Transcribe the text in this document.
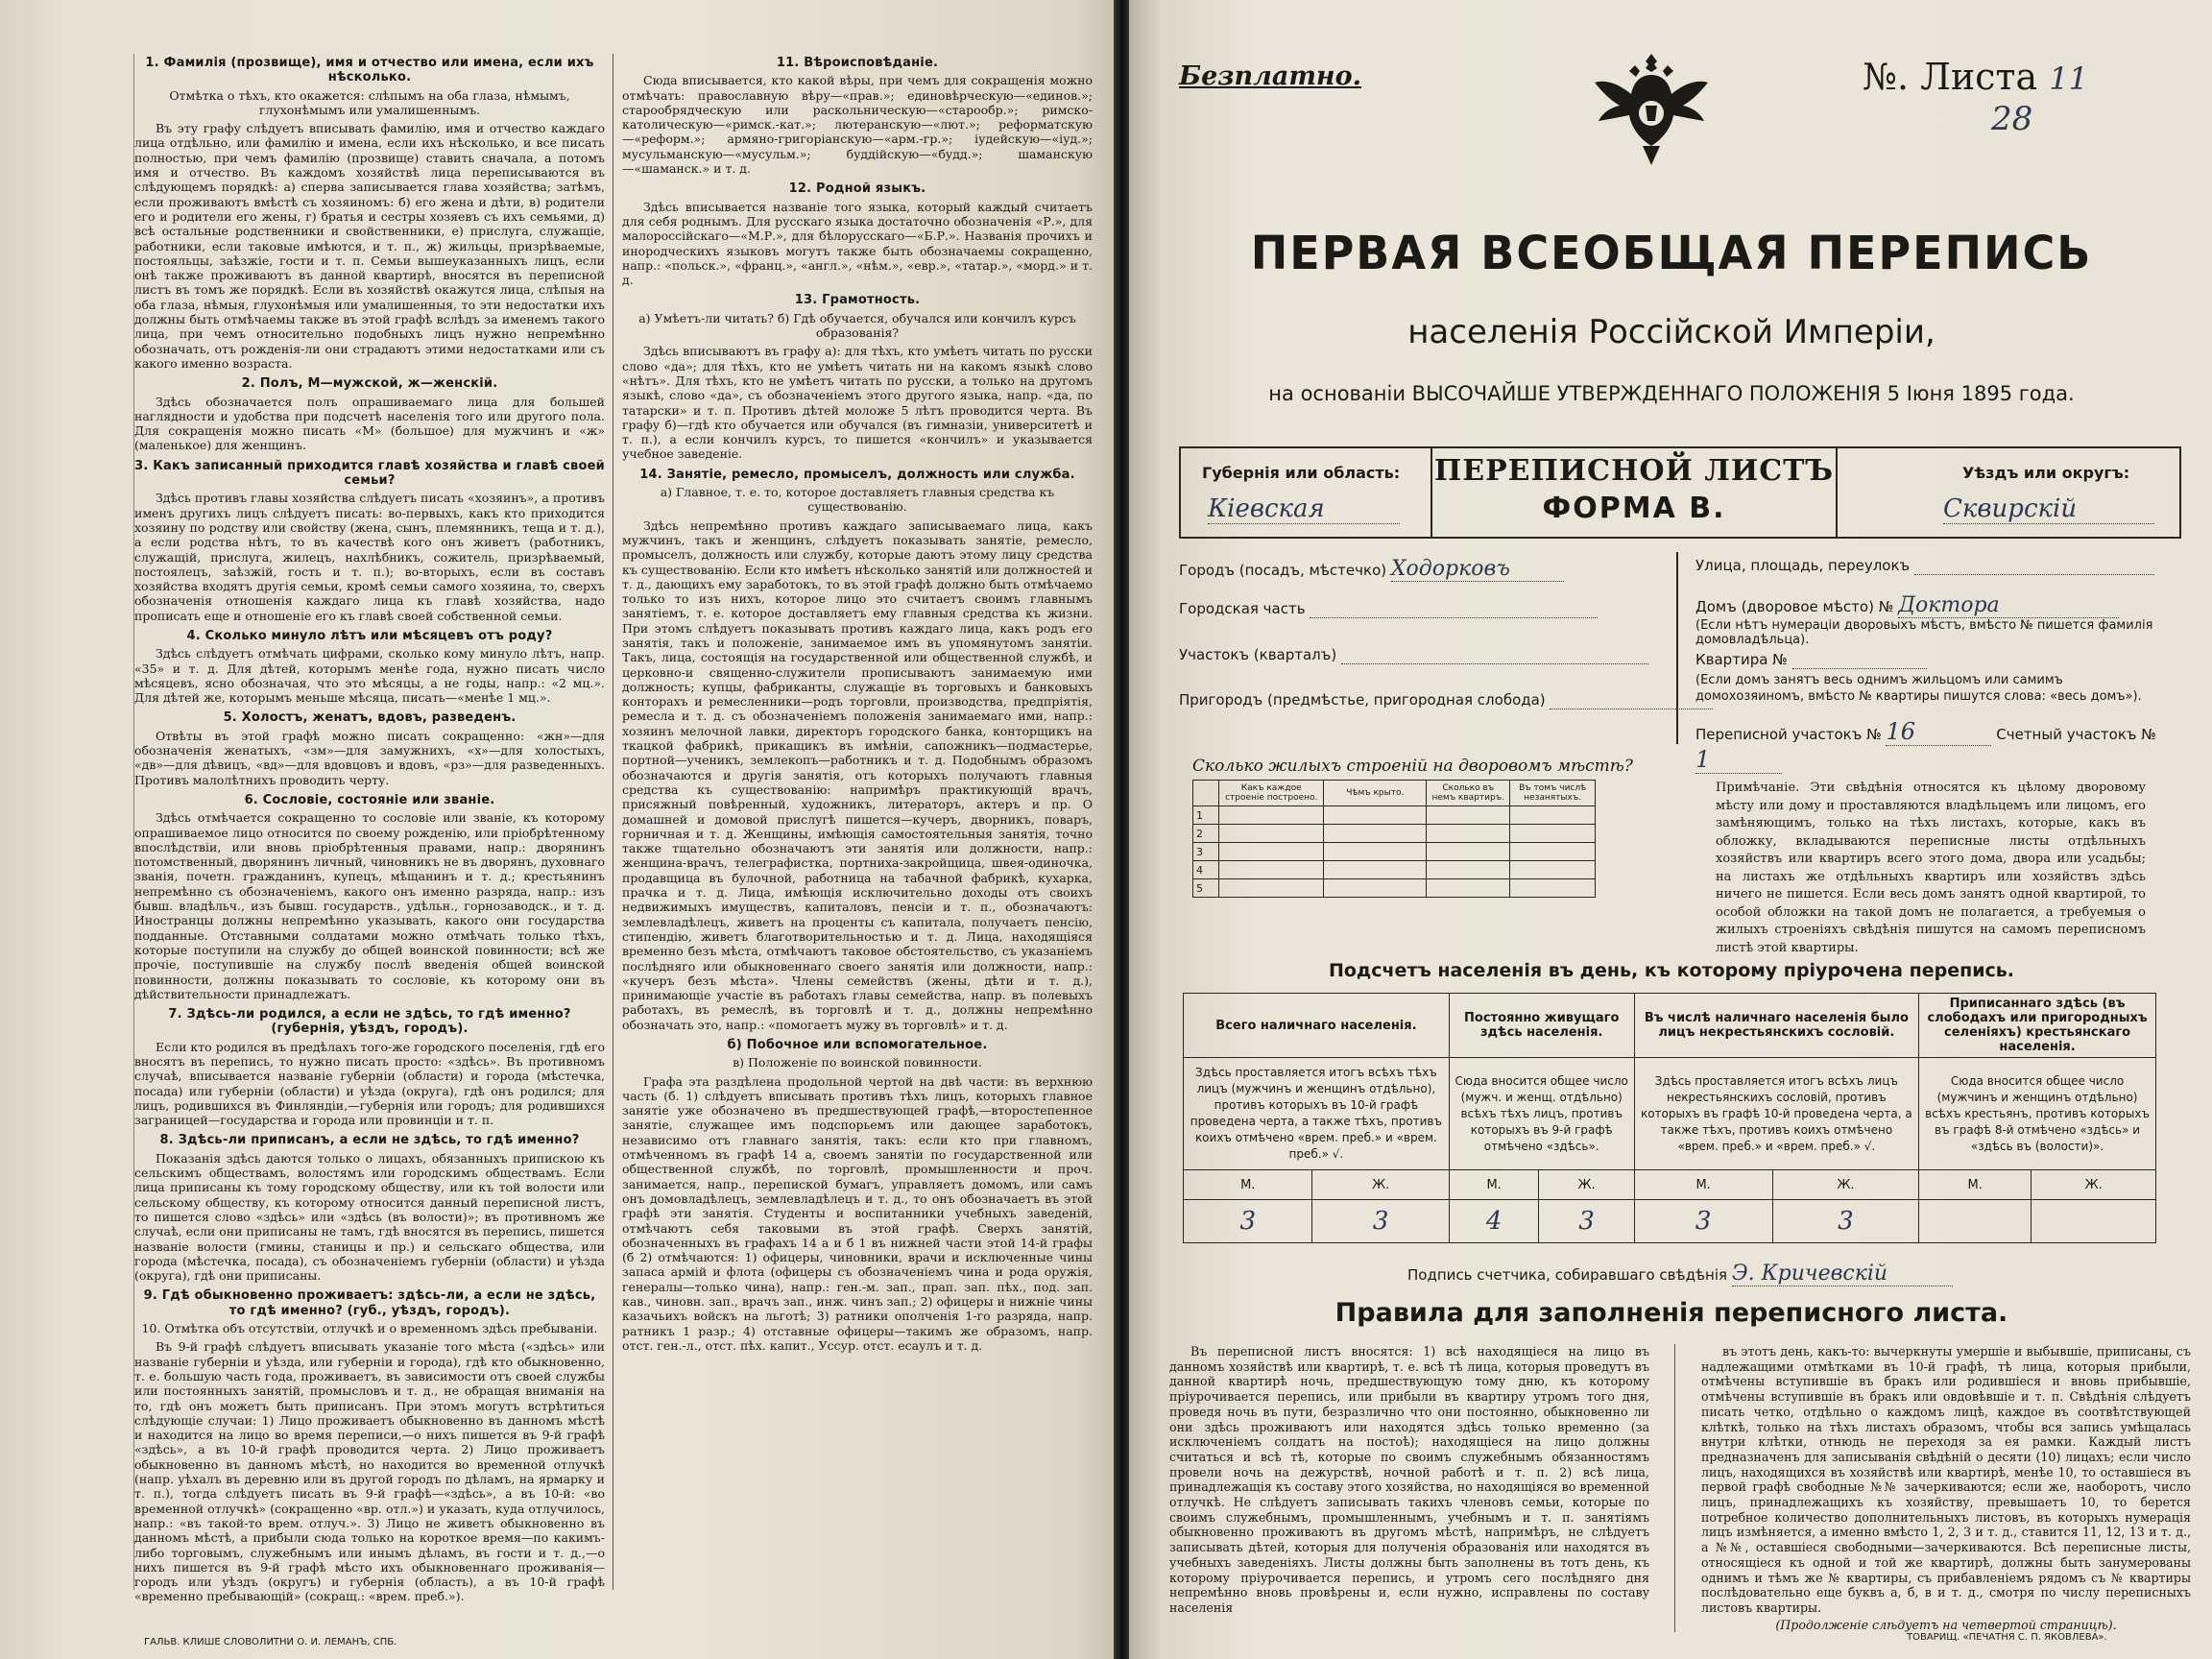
1. Фамилія (прозвище), имя и отчество или имена, если ихъ нѣсколько.
Отмѣтка о тѣхъ, кто окажется: слѣпымъ на оба глаза, нѣмымъ, глухонѣмымъ или умалишеннымъ.

Въ эту графу слѣдуетъ вписывать фамилію, имя и отчество каждаго лица отдѣльно, или фамилію и имена, если ихъ нѣсколько, и все писать полностью, при чемъ фамилію (прозвище) ставить сначала, а потомъ имя и отчество. Въ каждомъ хозяйствѣ лица переписываются въ слѣдующемъ порядкѣ: а) сперва записывается глава хозяйства; затѣмъ, если проживаютъ вмѣстѣ съ хозяиномъ: б) его жена и дѣти, в) родители его и родители его жены, г) братья и сестры хозяевъ съ ихъ семьями, д) всѣ остальные родственники и свойственники, е) прислуга, служащіе, работники, если таковые имѣются, и т. п., ж) жильцы, призрѣваемые, постояльцы, заѣзжіе, гости и т. п. Семьи вышеуказанныхъ лицъ, если онѣ также проживаютъ въ данной квартирѣ, вносятся въ переписной листъ въ томъ же порядкѣ. Если въ хозяйствѣ окажутся лица, слѣпыя на оба глаза, нѣмыя, глухонѣмыя или умалишенныя, то эти недостатки ихъ должны быть отмѣчаемы также въ этой графѣ вслѣдъ за именемъ такого лица, при чемъ относительно подобныхъ лицъ нужно непремѣнно обозначать, отъ рожденія-ли они страдаютъ этими недостатками или съ какого именно возраста.

2. Полъ, М—мужской, ж—женскій.

Здѣсь обозначается полъ опрашиваемаго лица для большей наглядности и удобства при подсчетѣ населенія того или другого пола. Для сокращенія можно писать «М» (большое) для мужчинъ и «ж» (маленькое) для женщинъ.

3. Какъ записанный приходится главѣ хозяйства и главѣ своей семьи?

Здѣсь противъ главы хозяйства слѣдуетъ писать «хозяинъ», а противъ именъ другихъ лицъ слѣдуетъ писать: во-первыхъ, какъ кто приходится хозяину по родству или свойству (жена, сынъ, племянникъ, теща и т. д.), а если родства нѣтъ, то въ качествѣ кого онъ живетъ (работникъ, служащій, прислуга, жилецъ, нахлѣбникъ, сожитель, призрѣваемый, постоялецъ, заѣзжій, гость и т. п.); во-вторыхъ, если въ составъ хозяйства входятъ другія семьи, кромѣ семьи самого хозяина, то, сверхъ обозначенія отношенія каждаго лица къ главѣ хозяйства, надо прописать еще и отношеніе его къ главѣ своей собственной семьи.

4. Сколько минуло лѣтъ или мѣсяцевъ отъ роду?

Здѣсь слѣдуетъ отмѣчать цифрами, сколько кому минуло лѣтъ, напр. «35» и т. д. Для дѣтей, которымъ менѣе года, нужно писать число мѣсяцевъ, ясно обозначая, что это мѣсяцы, а не годы, напр.: «2 мц.». Для дѣтей же, которымъ меньше мѣсяца, писать—«менѣе 1 мц.».

5. Холостъ, женатъ, вдовъ, разведенъ.

Отвѣты въ этой графѣ можно писать сокращенно: «жн»—для обозначенія женатыхъ, «зм»—для замужнихъ, «х»—для холостыхъ, «дв»—для дѣвицъ, «вд»—для вдовцовъ и вдовъ, «рз»—для разведенныхъ. Противъ малолѣтнихъ проводить черту.

6. Сословіе, состояніе или званіе.

Здѣсь отмѣчается сокращенно то сословіе или званіе, къ которому опрашиваемое лицо относится по своему рожденію, или пріобрѣтенному впослѣдствіи, или вновь пріобрѣтенныя правами, напр.: дворянинъ потомственный, дворянинъ личный, чиновникъ не въ дворянъ, духовнаго званія, почетн. гражданинъ, купецъ, мѣщанинъ и т. д.; крестьянинъ непремѣнно съ обозначеніемъ, какого онъ именно разряда, напр.: изъ бывш. владѣльч., изъ бывш. государств., удѣльн., горнозаводск., и т. д. Иностранцы должны непремѣнно указывать, какого они государства подданные. Отставными солдатами можно отмѣчать только тѣхъ, которые поступили на службу до общей воинской повинности; всѣ же прочіе, поступившіе на службу послѣ введенія общей воинской повинности, должны показывать то сословіе, къ которому они въ дѣйствительности принадлежатъ.

7. Здѣсь-ли родился, а если не здѣсь, то гдѣ именно? (губернія, уѣздъ, городъ).

Если кто родился въ предѣлахъ того-же городского поселенія, гдѣ его вносятъ въ перепись, то нужно писать просто: «здѣсь». Въ противномъ случаѣ, вписывается названіе губерніи (области) и города (мѣстечка, посада) или губерніи (области) и уѣзда (округа), гдѣ онъ родился; для лицъ, родившихся въ Финляндіи,—губернія или городъ; для родившихся заграницей—государства и города или провинціи и т. п.

8. Здѣсь-ли приписанъ, а если не здѣсь, то гдѣ именно?

Показанія здѣсь даются только о лицахъ, обязанныхъ припискою къ сельскимъ обществамъ, волостямъ или городскимъ обществамъ. Если лица приписаны къ тому городскому обществу, или къ той волости или сельскому обществу, къ которому относится данный переписной листъ, то пишется слово «здѣсь» или «здѣсь (въ волости)»; въ противномъ же случаѣ, если они приписаны не тамъ, гдѣ вносятся въ перепись, пишется названіе волости (гмины, станицы и пр.) и сельскаго общества, или города (мѣстечка, посада), съ обозначеніемъ губерніи (области) и уѣзда (округа), гдѣ они приписаны.

9. Гдѣ обыкновенно проживаетъ: здѣсь-ли, а если не здѣсь, то гдѣ именно? (губ., уѣздъ, городъ).
10. Отмѣтка объ отсутствіи, отлучкѣ и о временномъ здѣсь пребываніи.

Въ 9-й графѣ слѣдуетъ вписывать указаніе того мѣста («здѣсь» или названіе губерніи и уѣзда, или губерніи и города), гдѣ кто обыкновенно, т. е. большую часть года, проживаетъ, въ зависимости отъ своей службы или постоянныхъ занятій, промысловъ и т. д., не обращая вниманія на то, гдѣ онъ можетъ быть приписанъ. При этомъ могутъ встрѣтиться слѣдующіе случаи: 1) Лицо проживаетъ обыкновенно въ данномъ мѣстѣ и находится на лицо во время переписи,—о нихъ пишется въ 9-й графѣ «здѣсь», а въ 10-й графѣ проводится черта. 2) Лицо проживаетъ обыкновенно въ данномъ мѣстѣ, но находится во временной отлучкѣ (напр. уѣхалъ въ деревню или въ другой городъ по дѣламъ, на ярмарку и т. п.), тогда слѣдуетъ писать въ 9-й графѣ—«здѣсь», а въ 10-й: «во временной отлучкѣ» (сокращенно «вр. отл.») и указать, куда отлучилось, напр.: «въ такой-то врем. отлуч.». 3) Лицо не живетъ обыкновенно въ данномъ мѣстѣ, а прибыли сюда только на короткое время—по какимъ-либо торговымъ, служебнымъ или инымъ дѣламъ, въ гости и т. д.,—о нихъ пишется въ 9-й графѣ мѣсто ихъ обыкновеннаго проживанія—городъ или уѣздъ (округъ) и губернія (область), а въ 10-й графѣ «временно пребывающій» (сокращ.: «врем. преб.»).

11. Вѣроисповѣданіе.

Сюда вписывается, кто какой вѣры, при чемъ для сокращенія можно отмѣчать: православную вѣру—«прав.»; единовѣрческую—«единов.»; старообрядческую или раскольническую—«старообр.»; римско-католическую—«римск.-кат.»; лютеранскую—«лют.»; реформатскую—«реформ.»; армяно-григоріанскую—«арм.-гр.»; іудейскую—«іуд.»; мусульманскую—«мусульм.»; буддійскую—«будд.»; шаманскую—«шаманск.» и т. д.

12. Родной языкъ.

Здѣсь вписывается названіе того языка, который каждый считаетъ для себя роднымъ. Для русскаго языка достаточно обозначенія «Р.», для малороссійскаго—«М.Р.», для бѣлорусскаго—«Б.Р.». Названія прочихъ и инородческихъ языковъ могутъ также быть обозначаемы сокращенно, напр.: «польск.», «франц.», «англ.», «нѣм.», «евр.», «татар.», «морд.» и т. д.

13. Грамотность.
а) Умѣетъ-ли читать? б) Гдѣ обучается, обучался или кончилъ курсъ образованія?

Здѣсь вписываютъ въ графу а): для тѣхъ, кто умѣетъ читать по русски слово «да»; для тѣхъ, кто не умѣетъ читать ни на какомъ языкѣ слово «нѣтъ». Для тѣхъ, кто не умѣетъ читать по русски, а только на другомъ языкѣ, слово «да», съ обозначеніемъ этого другого языка, напр. «да, по татарски» и т. п. Противъ дѣтей моложе 5 лѣтъ проводится черта. Въ графу б)—гдѣ кто обучается или обучался (въ гимназіи, университетѣ и т. п.), а если кончилъ курсъ, то пишется «кончилъ» и указывается учебное заведеніе.

14. Занятіе, ремесло, промыселъ, должность или служба.
а) Главное, т. е. то, которое доставляетъ главныя средства къ существованію.

Здѣсь непремѣнно противъ каждаго записываемаго лица, какъ мужчинъ, такъ и женщинъ, слѣдуетъ показывать занятіе, ремесло, промыселъ, должность или службу, которые даютъ этому лицу средства къ существованію. Если кто имѣетъ нѣсколько занятій или должностей и т. д., дающихъ ему заработокъ, то въ этой графѣ должно быть отмѣчаемо только то изъ нихъ, которое лицо это считаетъ своимъ главнымъ занятіемъ, т. е. которое доставляетъ ему главныя средства къ жизни. При этомъ слѣдуетъ показывать противъ каждаго лица, какъ родъ его занятія, такъ и положеніе, занимаемое имъ въ упомянутомъ занятіи. Такъ, лица, состоящія на государственной или общественной службѣ, и церковно-и священно-служители прописываютъ занимаемую ими должность; купцы, фабриканты, служащіе въ торговыхъ и банковыхъ конторахъ и ремесленники—родъ торговли, производства, предпріятія, ремесла и т. д. съ обозначеніемъ положенія занимаемаго ими, напр.: хозяинъ мелочной лавки, директоръ городского банка, конторщикъ на ткацкой фабрикѣ, прикащикъ въ имѣніи, сапожникъ—подмастерье, портной—ученикъ, землекопъ—работникъ и т. д. Подобнымъ образомъ обозначаются и другія занятія, отъ которыхъ получаютъ главныя средства къ существованію: напримѣръ практикующій врачъ, присяжный повѣренный, художникъ, литераторъ, актеръ и пр. О домашней и домовой прислугѣ пишется—кучеръ, дворникъ, поваръ, горничная и т. д. Женщины, имѣющія самостоятельныя занятія, точно также тщательно обозначаютъ эти занятія или должности, напр.: женщина-врачъ, телеграфистка, портниха-закройщица, швея-одиночка, продавщица въ булочной, работница на табачной фабрикѣ, кухарка, прачка и т. д. Лица, имѣющія исключительно доходы отъ своихъ недвижимыхъ имуществъ, капиталовъ, пенсіи и т. п., обозначаютъ: землевладѣлецъ, живетъ на проценты съ капитала, получаетъ пенсію, стипендію, живетъ благотворительностью и т. д. Лица, находящіяся временно безъ мѣста, отмѣчаютъ таковое обстоятельство, съ указаніемъ послѣдняго или обыкновеннаго своего занятія или должности, напр.: «кучеръ безъ мѣста». Члены семействъ (жены, дѣти и т. д.), принимающіе участіе въ работахъ главы семейства, напр. въ полевыхъ работахъ, въ ремеслѣ, въ торговлѣ и т. д., должны непремѣнно обозначать это, напр.: «помогаетъ мужу въ торговлѣ» и т. д.

б) Побочное или вспомогательное.
в) Положеніе по воинской повинности.

Графа эта раздѣлена продольной чертой на двѣ части: въ верхнюю часть (б. 1) слѣдуетъ вписывать противъ тѣхъ лицъ, которыхъ главное занятіе уже обозначено въ предшествующей графѣ,—второстепенное занятіе, служащее имъ подспорьемъ или дающее заработокъ, независимо отъ главнаго занятія, такъ: если кто при главномъ, отмѣченномъ въ графѣ 14 а, своемъ занятіи по государственной или общественной службѣ, по торговлѣ, промышленности и проч. занимается, напр., перепиской бумагъ, управляетъ домомъ, или самъ онъ домовладѣлецъ, землевладѣлецъ и т. д., то онъ обозначаетъ въ этой графѣ эти занятія. Студенты и воспитанники учебныхъ заведеній, отмѣчаютъ себя таковыми въ этой графѣ. Сверхъ занятій, обозначенныхъ въ графахъ 14 а и б 1 въ нижней части этой 14-й графы (б 2) отмѣчаются: 1) офицеры, чиновники, врачи и исключенные чины запаса армій и флота (офицеры съ обозначеніемъ чина и рода оружія, генералы—только чина), напр.: ген.-м. зап., прап. зап. пѣх., под. зап. кав., чиновн. зап., врачъ зап., инж. чинъ зап.; 2) офицеры и нижніе чины казачьихъ войскъ на льготѣ; 3) ратники ополченія 1-го разряда, напр. ратникъ 1 разр.; 4) отставные офицеры—такимъ же образомъ, напр. отст. ген.-л., отст. пѣх. капит., Уссур. отст. есаулъ и т. д.

ГАЛЬВ. КЛИШЕ СЛОВОЛИТНИ О. И. ЛЕМАНЪ, СПБ.
Безплатно.	№. Листа 11
28
ПЕРВАЯ ВСЕОБЩАЯ ПЕРЕПИСЬ
населенія Россійской Имперіи,
на основаніи ВЫСОЧАЙШЕ УТВЕРЖДЕННАГО ПОЛОЖЕНІЯ 5 Іюня 1895 года.
Губернія или область:
Кіевская
ПЕРЕПИСНОЙ ЛИСТЪ
ФОРМА В.
Уѣздъ или округъ:
Сквирскій
Городъ (посадъ, мѣстечко) Ходорковъ
Городская часть
Участокъ (кварталъ)
Пригородъ (предмѣстье, пригородная слобода)
Улица, площадь, переулокъ
Домъ (дворовое мѣсто) № Доктора
(Если нѣтъ нумераціи дворовыхъ мѣстъ, вмѣсто № пишется фамилія домовладѣльца).
Квартира №
(Если домъ занятъ весь однимъ жильцомъ или самимъ домохозяиномъ, вмѣсто № квартиры пишутся слова: «весь домъ»).
Переписной участокъ № 16	Счетный участокъ № 1
Сколько жилыхъ строеній на дворовомъ мѣстѣ?
	Какъ каждое строеніе построено.	Чѣмъ крыто.	Сколько въ немъ квартиръ.	Въ томъ числѣ незанятыхъ.
1				
2				
3				
4				
5				
Примѣчаніе. Эти свѣдѣнія относятся къ цѣлому дворовому мѣсту или дому и проставляются владѣльцемъ или лицомъ, его замѣняющимъ, только на тѣхъ листахъ, которые, какъ въ обложку, вкладываются переписные листы отдѣльныхъ хозяйствъ или квартиръ всего этого дома, двора или усадьбы; на листахъ же отдѣльныхъ квартиръ или хозяйствъ здѣсь ничего не пишется. Если весь домъ занятъ одной квартирой, то особой обложки на такой домъ не полагается, а требуемыя о жилыхъ строеніяхъ свѣдѣнія пишутся на самомъ переписномъ листѣ этой квартиры.
Подсчетъ населенія въ день, къ которому пріурочена перепись.
Всего наличнаго населенія.		Постоянно живущаго здѣсь населенія.		Въ числѣ наличнаго населенія было лицъ некрестьянскихъ сословій.		Приписаннаго здѣсь (въ слободахъ или пригородныхъ селеніяхъ) крестьянскаго населенія.	
Здѣсь проставляется итогъ всѣхъ тѣхъ лицъ (мужчинъ и женщинъ отдѣльно), противъ которыхъ въ 10-й графѣ проведена черта, а также тѣхъ, противъ коихъ отмѣчено «врем. преб.» и «врем. преб.» √.		Сюда вносится общее число (мужч. и женщ. отдѣльно) всѣхъ тѣхъ лицъ, противъ которыхъ въ 9-й графѣ отмѣчено «здѣсь».		Здѣсь проставляется итогъ всѣхъ лицъ некрестьянскихъ сословій, противъ которыхъ въ графѣ 10-й проведена черта, а также тѣхъ, противъ коихъ отмѣчено «врем. преб.» и «врем. преб.» √.		Сюда вносится общее число (мужчинъ и женщинъ отдѣльно) всѣхъ крестьянъ, противъ которыхъ въ графѣ 8-й отмѣчено «здѣсь» и «здѣсь въ (волости)».	
М.	Ж.	М.	Ж.	М.	Ж.	М.	Ж.
3	3	4	3	3	3		
Подпись счетчика, собиравшаго свѣдѣнія Э. Кричевскій
Правила для заполненія переписного листа.

Въ переписной листъ вносятся: 1) всѣ находящіеся на лицо въ данномъ хозяйствѣ или квартирѣ, т. е. всѣ тѣ лица, которыя проведутъ въ данной квартирѣ ночь, предшествующую тому дню, къ которому пріурочивается перепись, или прибыли въ квартиру утромъ того дня, проведя ночь въ пути, безразлично что они постоянно, обыкновенно ли они здѣсь проживаютъ или находятся здѣсь только временно (за исключеніемъ солдатъ на постоѣ); находящіеся на лицо должны считаться и всѣ тѣ, которые по своимъ служебнымъ обязанностямъ провели ночь на дежурствѣ, ночной работѣ и т. п. 2) всѣ лица, принадлежащія къ составу этого хозяйства, но находящіяся во временной отлучкѣ. Не слѣдуетъ записывать такихъ членовъ семьи, которые по своимъ служебнымъ, промышленнымъ, учебнымъ и т. п. занятіямъ обыкновенно проживаютъ въ другомъ мѣстѣ, напримѣръ, не слѣдуетъ записывать дѣтей, которыя для полученія образованія или находятся въ учебныхъ заведеніяхъ. Листы должны быть заполнены въ тотъ день, къ которому пріурочивается перепись, и утромъ сего послѣдняго дня непремѣнно вновь провѣрены и, если нужно, исправлены по составу населенія

въ этотъ день, какъ-то: вычеркнуты умершіе и выбывшіе, приписаны, съ надлежащими отмѣтками въ 10-й графѣ, тѣ лица, которыя прибыли, отмѣчены вступившіе въ бракъ или родившіеся и вновь прибывшіе, отмѣчены вступившіе въ бракъ или овдовѣвшіе и т. п. Свѣдѣнія слѣдуетъ писать четко, отдѣльно о каждомъ лицѣ, каждое въ соотвѣтствующей клѣткѣ, только на тѣхъ листахъ образомъ, чтобы вся запись умѣщалась внутри клѣтки, отнюдь не переходя за ея рамки. Каждый листъ предназначенъ для записыванія свѣдѣній о десяти (10) лицахъ; если число лицъ, находящихся въ хозяйствѣ или квартирѣ, менѣе 10, то оставшіеся въ первой графѣ свободные №№ зачеркиваются; если же, наоборотъ, число лицъ, принадлежащихъ къ хозяйству, превышаетъ 10, то берется потребное количество дополнительныхъ листовъ, въ которыхъ нумерація лицъ измѣняется, а именно вмѣсто 1, 2, 3 и т. д., ставится 11, 12, 13 и т. д., а №№, оставшіеся свободными—зачеркиваются. Всѣ переписные листы, относящіеся къ одной и той же квартирѣ, должны быть занумерованы однимъ и тѣмъ же № квартиры, съ прибавленіемъ рядомъ съ № квартиры послѣдовательно еще буквъ а, б, в и т. д., смотря по числу переписныхъ листовъ квартиры.

(Продолженіе слѣдуетъ на четвертой страницѣ).
ТОВАРИЩ. «ПЕЧАТНЯ С. П. ЯКОВЛЕВА».
